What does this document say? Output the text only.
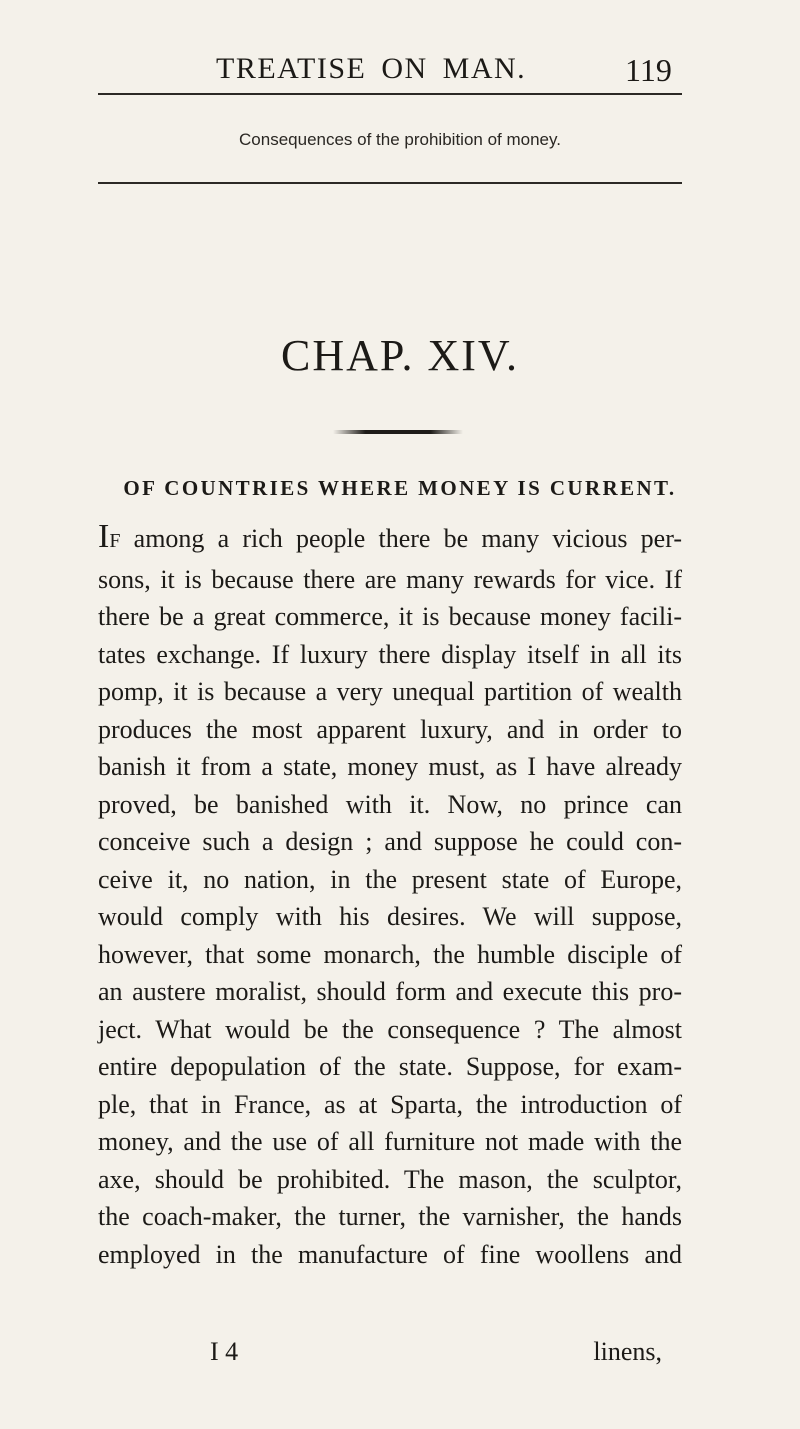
TREATISE ON MAN.	119
Consequences of the prohibition of money.
CHAP. XIV.
OF COUNTRIES WHERE MONEY IS CURRENT.
IF among a rich people there be many vicious per-
sons, it is because there are many rewards for vice. If
there be a great commerce, it is because money facili-
tates exchange. If luxury there display itself in all its
pomp, it is because a very unequal partition of wealth
produces the most apparent luxury, and in order to
banish it from a state, money must, as I have already
proved, be banished with it. Now, no prince can
conceive such a design ; and suppose he could con-
ceive it, no nation, in the present state of Europe,
would comply with his desires. We will suppose,
however, that some monarch, the humble disciple of
an austere moralist, should form and execute this pro-
ject. What would be the consequence ? The almost
entire depopulation of the state. Suppose, for exam-
ple, that in France, as at Sparta, the introduction of
money, and the use of all furniture not made with the
axe, should be prohibited. The mason, the sculptor,
the coach-maker, the turner, the varnisher, the hands
employed in the manufacture of fine woollens and
I 4	linens,
